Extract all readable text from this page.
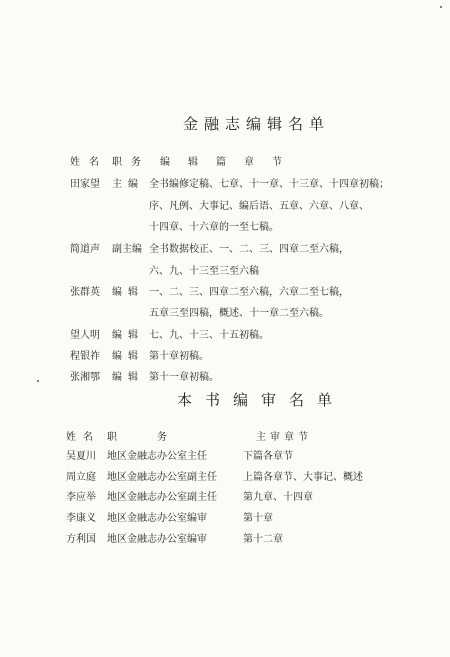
金融志编辑名单
姓名 职务 编辑篇章节
田家望 主编 全书编修定稿、七章、十一章、十三章、十四章初稿；
序、凡例、大事记、编后语、五章、六章、八章、
十四章、十六章的一至七稿。
简道声 副主编 全书数据校正、一、二、三、四章二至六稿，
六、九、十三至三至六稿
张群英 编辑 一、二、三、四章二至六稿，六章二至七稿，
五章三至四稿，概述、十一章二至六稿。
望人明 编辑 七、九、十三、十五初稿。
程银祚 编辑 第十章初稿。
张湘鄂 编辑 第十一章初稿。
本书编审名单
姓名 职务	主审章节
吴夏川 地区金融志办公室主任	下篇各章节
周立庭 地区金融志办公室副主任	上篇各章节、大事记、概述
李应举 地区金融志办公室副主任	第九章、十四章
李康义 地区金融志办公室编审	第十章
方利国 地区金融志办公室编审	第十二章
